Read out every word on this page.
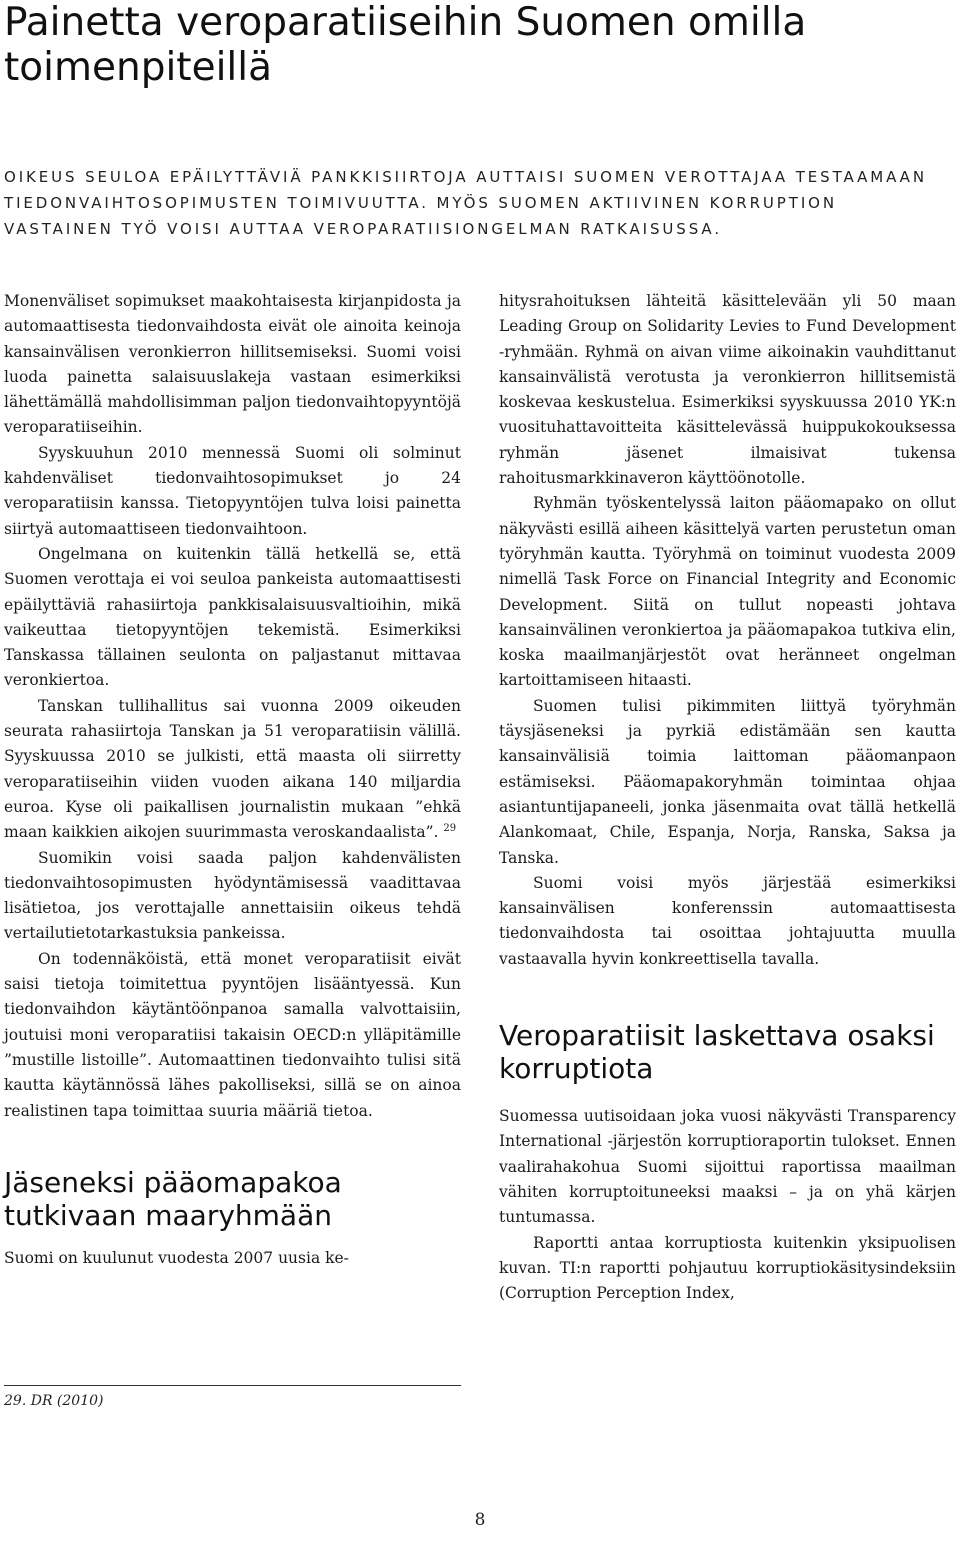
Painetta veroparatiiseihin Suomen omilla toimenpiteillä
OIKEUS SEULOA EPÄILYTTÄVIÄ PANKKISIIRTOJA AUTTAISI SUOMEN VEROTTAJAA TESTAAMAAN TIEDONVAIHTOSOPIMUSTEN TOIMIVUUTTA. MYÖS SUOMEN AKTIIVINEN KORRUPTION VASTAINEN TYÖ VOISI AUTTAA VEROPARATIISIONGELMAN RATKAISUSSA.

Monenväliset sopimukset maakohtaisesta kirjanpidosta ja automaattisesta tiedonvaihdosta eivät ole ainoita keinoja kansainvälisen veronkierron hillitsemiseksi. Suomi voisi luoda painetta salaisuuslakeja vastaan esimerkiksi lähettämällä mahdollisimman paljon tiedonvaihtopyyntöjä veroparatiiseihin.

Syyskuuhun 2010 mennessä Suomi oli solminut kahdenväliset tiedonvaihtosopimukset jo 24 veroparatiisin kanssa. Tietopyyntöjen tulva loisi painetta siirtyä automaattiseen tiedonvaihtoon.

Ongelmana on kuitenkin tällä hetkellä se, että Suomen verottaja ei voi seuloa pankeista automaattisesti epäilyttäviä rahasiirtoja pankkisalaisuusvaltioihin, mikä vaikeuttaa tietopyyntöjen tekemistä. Esimerkiksi Tanskassa tällainen seulonta on paljastanut mittavaa veronkiertoa.

Tanskan tullihallitus sai vuonna 2009 oikeuden seurata rahasiirtoja Tanskan ja 51 veroparatiisin välillä. Syyskuussa 2010 se julkisti, että maasta oli siirretty veroparatiiseihin viiden vuoden aikana 140 miljardia euroa. Kyse oli paikallisen journalistin mukaan ”ehkä maan kaikkien aikojen suurimmasta veroskandaalista”. $^{29}$

Suomikin voisi saada paljon kahdenvälisten tiedonvaihtosopimusten hyödyntämisessä vaadittavaa lisätietoa, jos verottajalle annettaisiin oikeus tehdä vertailutietotarkastuksia pankeissa.

On todennäköistä, että monet veroparatiisit eivät saisi tietoja toimitettua pyyntöjen lisääntyessä. Kun tiedonvaihdon käytäntöönpanoa samalla valvottaisiin, joutuisi moni veroparatiisi takaisin OECD:n ylläpitämille ”mustille listoille”. Automaattinen tiedonvaihto tulisi sitä kautta käytännössä lähes pakolliseksi, sillä se on ainoa realistinen tapa toimittaa suuria määriä tietoa.

Jäseneksi pääomapakoa tutkivaan maaryhmään

Suomi on kuulunut vuodesta 2007 uusia ke-

hitysrahoituksen lähteitä käsittelevään yli 50 maan Leading Group on Solidarity Levies to Fund Development -ryhmään. Ryhmä on aivan viime aikoinakin vauhdittanut kansainvälistä verotusta ja veronkierron hillitsemistä koskevaa keskustelua. Esimerkiksi syyskuussa 2010 YK:n vuosituhattavoitteita käsittelevässä huippukokouksessa ryhmän jäsenet ilmaisivat tukensa rahoitusmarkkinaveron käyttöönotolle.

Ryhmän työskentelyssä laiton pääomapako on ollut näkyvästi esillä aiheen käsittelyä varten perustetun oman työryhmän kautta. Työryhmä on toiminut vuodesta 2009 nimellä Task Force on Financial Integrity and Economic Development. Siitä on tullut nopeasti johtava kansainvälinen veronkiertoa ja pääomapakoa tutkiva elin, koska maailmanjärjestöt ovat heränneet ongelman kartoittamiseen hitaasti.

Suomen tulisi pikimmiten liittyä työryhmän täysjäseneksi ja pyrkiä edistämään sen kautta kansainvälisiä toimia laittoman pääomanpaon estämiseksi. Pääomapakoryhmän toimintaa ohjaa asiantuntijapaneeli, jonka jäsenmaita ovat tällä hetkellä Alankomaat, Chile, Espanja, Norja, Ranska, Saksa ja Tanska.

Suomi voisi myös järjestää esimerkiksi kansainvälisen konferenssin automaattisesta tiedonvaihdosta tai osoittaa johtajuutta muulla vastaavalla hyvin konkreettisella tavalla.

Veroparatiisit laskettava osaksi korruptiota

Suomessa uutisoidaan joka vuosi näkyvästi Transparency International -järjestön korruptioraportin tulokset. Ennen vaalirahakohua Suomi sijoittui raportissa maailman vähiten korruptoituneeksi maaksi – ja on yhä kärjen tuntumassa.

Raportti antaa korruptiosta kuitenkin yksipuolisen kuvan. TI:n raportti pohjautuu korruptiokäsitysindeksiin (Corruption Perception Index,

29. DR (2010)
8
